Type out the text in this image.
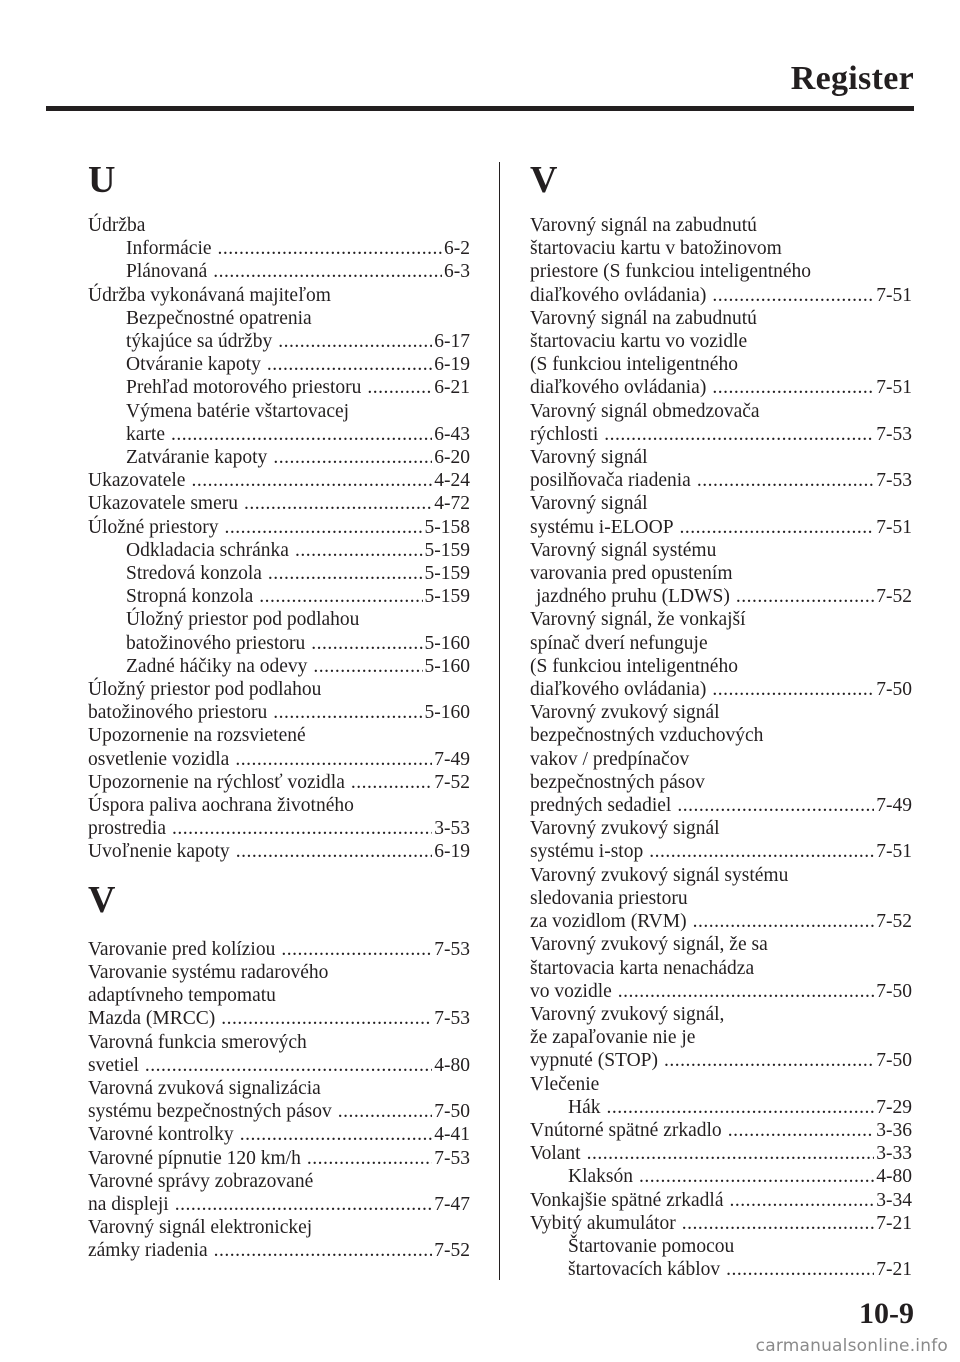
Register
U
Údržba
Informácie .....	6-2
Plánovaná .....	6-3
Údržba vykonávaná majiteľom
Bezpečnostné opatrenia
týkajúce sa údržby .....	6-17
Otváranie kapoty .....	6-19
Prehľad motorového priestoru .....	6-21
Výmena batérie vštartovacej
karte .....	6-43
Zatváranie kapoty .....	6-20
Ukazovatele .....	4-24
Ukazovatele smeru .....	4-72
Úložné priestory .....	5-158
Odkladacia schránka .....	5-159
Stredová konzola .....	5-159
Stropná konzola .....	5-159
Úložný priestor pod podlahou
batožinového priestoru .....	5-160
Zadné háčiky na odevy .....	5-160
Úložný priestor pod podlahou
batožinového priestoru .....	5-160
Upozornenie na rozsvietené
osvetlenie vozidla .....	7-49
Upozornenie na rýchlosť vozidla .....	7-52
Úspora paliva aochrana životného
prostredia .....	3-53
Uvoľnenie kapoty .....	6-19
V
Varovanie pred kolíziou .....	7-53
Varovanie systému radarového
adaptívneho tempomatu
Mazda (MRCC) .....	7-53
Varovná funkcia smerových
svetiel .....	4-80
Varovná zvuková signalizácia
systému bezpečnostných pásov .....	7-50
Varovné kontrolky .....	4-41
Varovné pípnutie 120 km/h .....	7-53
Varovné správy zobrazované
na displeji .....	7-47
Varovný signál elektronickej
zámky riadenia .....	7-52
V
Varovný signál na zabudnutú
štartovaciu kartu v batožinovom
priestore (S funkciou inteligentného
diaľkového ovládania) .....	7-51
Varovný signál na zabudnutú
štartovaciu kartu vo vozidle
(S funkciou inteligentného
diaľkového ovládania) .....	7-51
Varovný signál obmedzovača
rýchlosti .....	7-53
Varovný signál
posilňovača riadenia .....	7-53
Varovný signál
systému i-ELOOP .....	7-51
Varovný signál systému
varovania pred opustením
jazdného pruhu (LDWS) .....	7-52
Varovný signál, že vonkajší
spínač dverí nefunguje
(S funkciou inteligentného
diaľkového ovládania) .....	7-50
Varovný zvukový signál
bezpečnostných vzduchových
vakov / predpínačov
bezpečnostných pásov
predných sedadiel .....	7-49
Varovný zvukový signál
systému i-stop .....	7-51
Varovný zvukový signál systému
sledovania priestoru
za vozidlom (RVM) .....	7-52
Varovný zvukový signál, že sa
štartovacia karta nenachádza
vo vozidle .....	7-50
Varovný zvukový signál,
že zapaľovanie nie je
vypnuté (STOP) .....	7-50
Vlečenie
Hák .....	7-29
Vnútorné spätné zrkadlo .....	3-36
Volant .....	3-33
Klaksón .....	4-80
Vonkajšie spätné zrkadlá .....	3-34
Vybitý akumulátor .....	7-21
Štartovanie pomocou
štartovacích káblov .....	7-21
10-9
carmanualsonline.info
